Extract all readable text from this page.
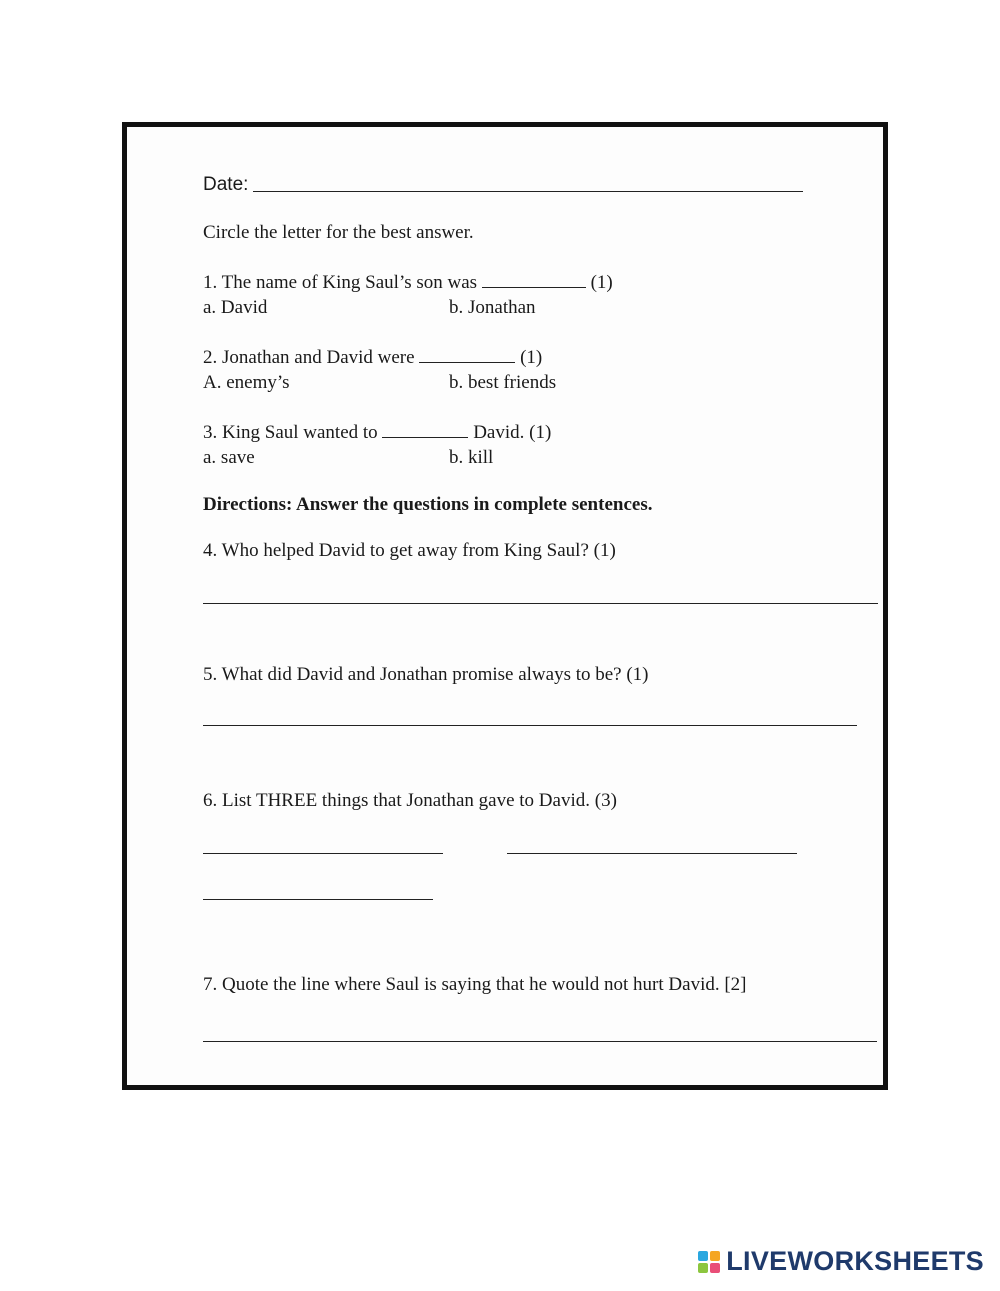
Date:
Circle the letter for the best answer.
1. The name of King Saul’s son was	(1)
a. David	b. Jonathan
2. Jonathan and David were	(1)
A. enemy’s	b. best friends
3. King Saul wanted to	David. (1)
a. save	b. kill
Directions: Answer the questions in complete sentences.
4. Who helped David to get away from King Saul? (1)
5. What did David and Jonathan promise always to be? (1)
6. List THREE things that Jonathan gave to David. (3)
7. Quote the line where Saul is saying that he would not hurt David. [2]
LIVEWORKSHEETS
